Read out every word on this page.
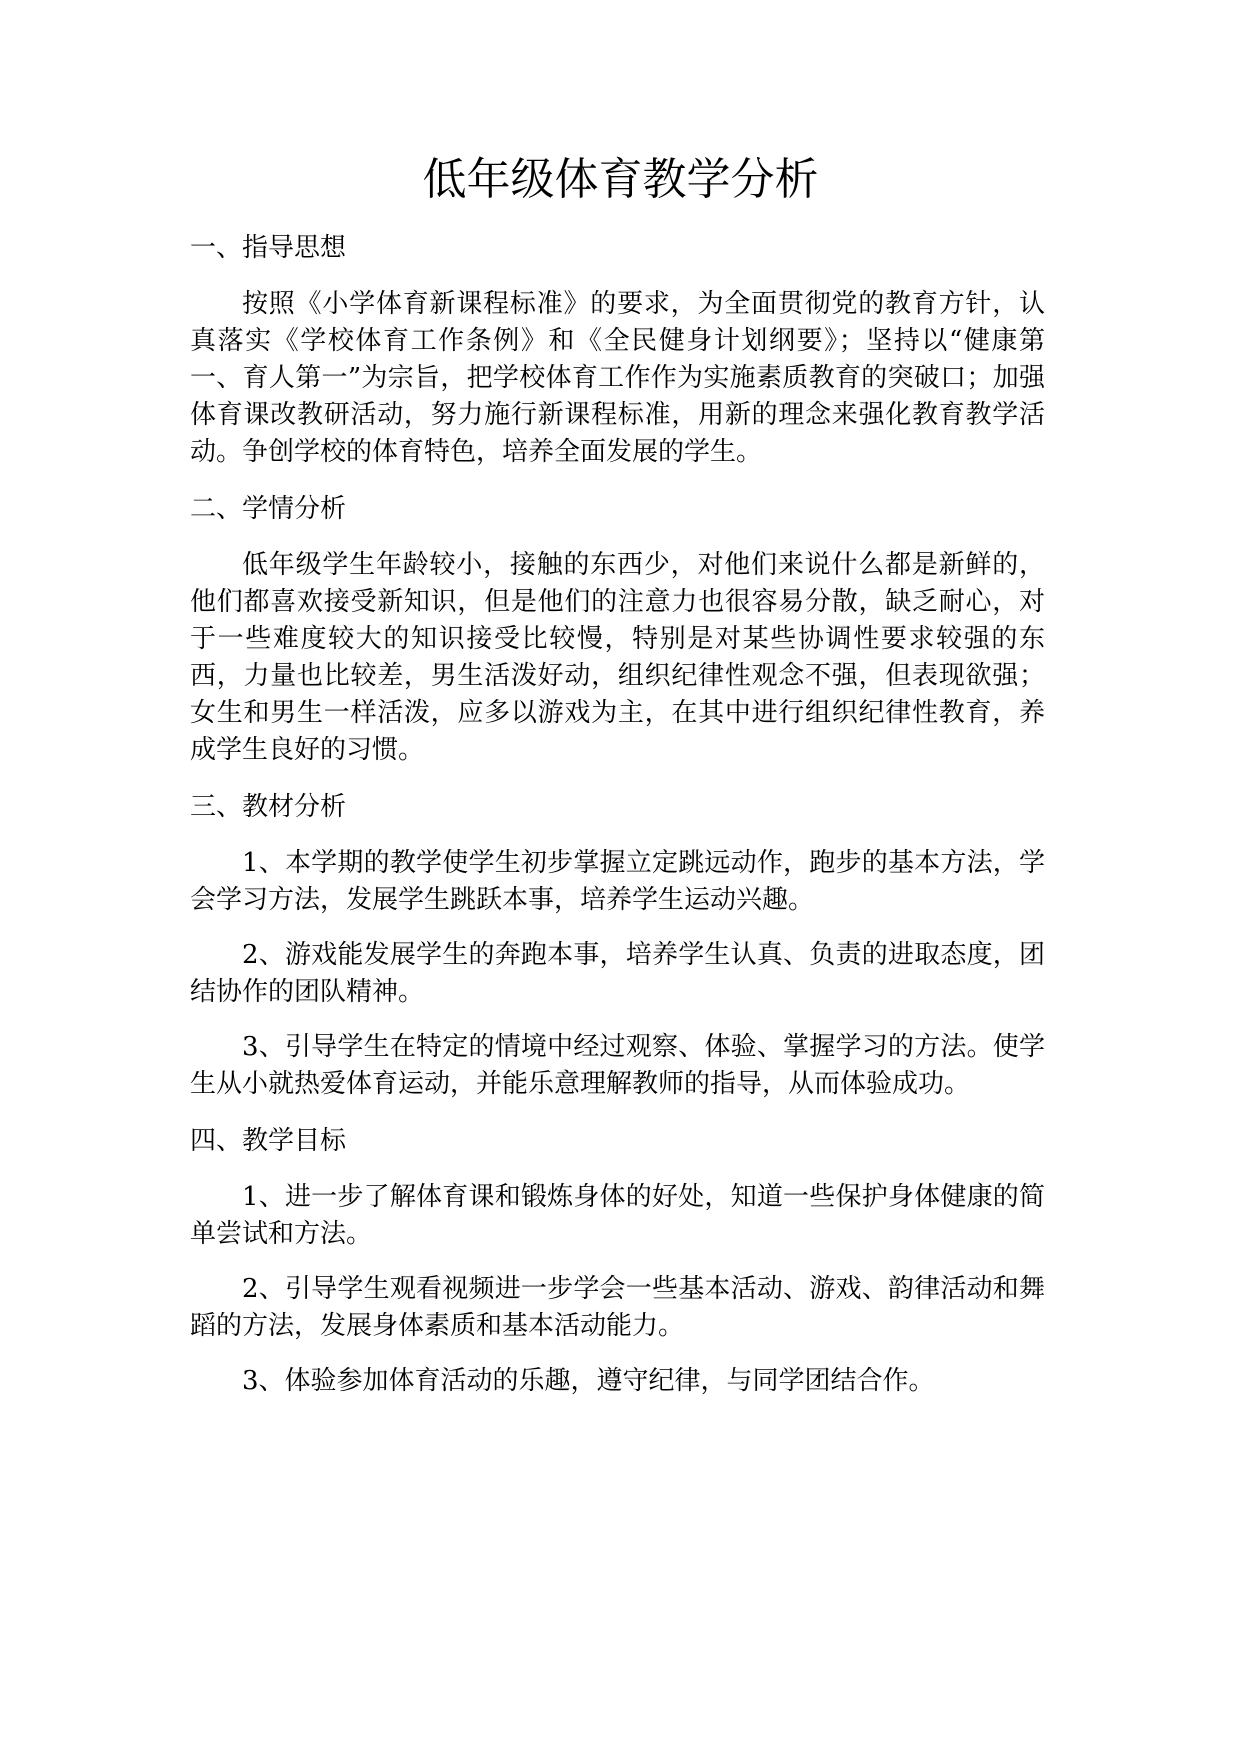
低年级体育教学分析
一、指导思想

按照《小学体育新课程标准》的要求，为全面贯彻党的教育方针，认真落实《学校体育工作条例》和《全民健身计划纲要》；坚持以“健康第一、育人第一”为宗旨，把学校体育工作作为实施素质教育的突破口；加强体育课改教研活动，努力施行新课程标准，用新的理念来强化教育教学活动。争创学校的体育特色，培养全面发展的学生。

二、学情分析

低年级学生年龄较小，接触的东西少，对他们来说什么都是新鲜的，他们都喜欢接受新知识，但是他们的注意力也很容易分散，缺乏耐心，对于一些难度较大的知识接受比较慢，特别是对某些协调性要求较强的东西，力量也比较差，男生活泼好动，组织纪律性观念不强，但表现欲强；女生和男生一样活泼，应多以游戏为主，在其中进行组织纪律性教育，养成学生良好的习惯。

三、教材分析

1、本学期的教学使学生初步掌握立定跳远动作，跑步的基本方法，学会学习方法，发展学生跳跃本事，培养学生运动兴趣。

2、游戏能发展学生的奔跑本事，培养学生认真、负责的进取态度，团结协作的团队精神。

3、引导学生在特定的情境中经过观察、体验、掌握学习的方法。使学生从小就热爱体育运动，并能乐意理解教师的指导，从而体验成功。

四、教学目标

1、进一步了解体育课和锻炼身体的好处，知道一些保护身体健康的简单尝试和方法。

2、引导学生观看视频进一步学会一些基本活动、游戏、韵律活动和舞蹈的方法，发展身体素质和基本活动能力。

3、体验参加体育活动的乐趣，遵守纪律，与同学团结合作。
